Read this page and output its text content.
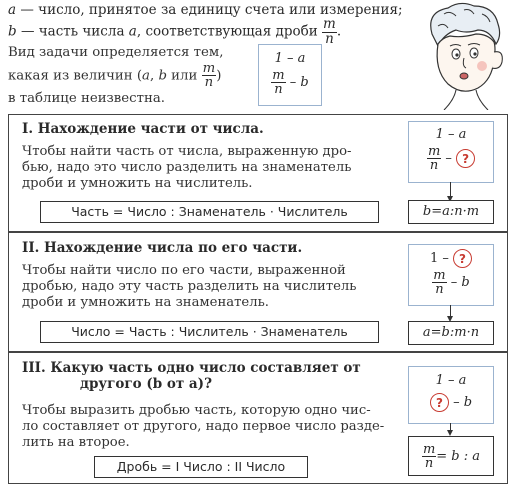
a — число, принятое за единицу счета или измерения;
b — часть числа a, соответствующая дроби $\frac{m}{n}$ .
Вид задачи определяется тем,
какая из величин (a, b или $\frac{m}{n}$ )
в таблице неизвестна.
1 – a
$\frac{m}{n}$ – b
I. Нахождение части от числа.
Чтобы найти часть от числа, выраженную дро-
бью, надо это число разделить на знаменатель
дроби и умножить на числитель.
Часть = Число : Знаменатель · Числитель
1 – a
$\frac{m}{n}$ – ?
b=a:n·m
II. Нахождение числа по его части.
Чтобы найти число по его части, выраженной
дробью, надо эту часть разделить на числитель
дроби и умножить на знаменатель.
Число = Часть : Числитель · Знаменатель
1 – ?
$\frac{m}{n}$ – b
a=b:m·n
III. Какую часть одно число составляет от
другого (b от a)?
Чтобы выразить дробью часть, которую одно чис-
ло составляет от другого, надо первое число разде-
лить на второе.
Дробь = I Число : II Число
1 – a
? – b
$\frac{m}{n} = b$ : a
